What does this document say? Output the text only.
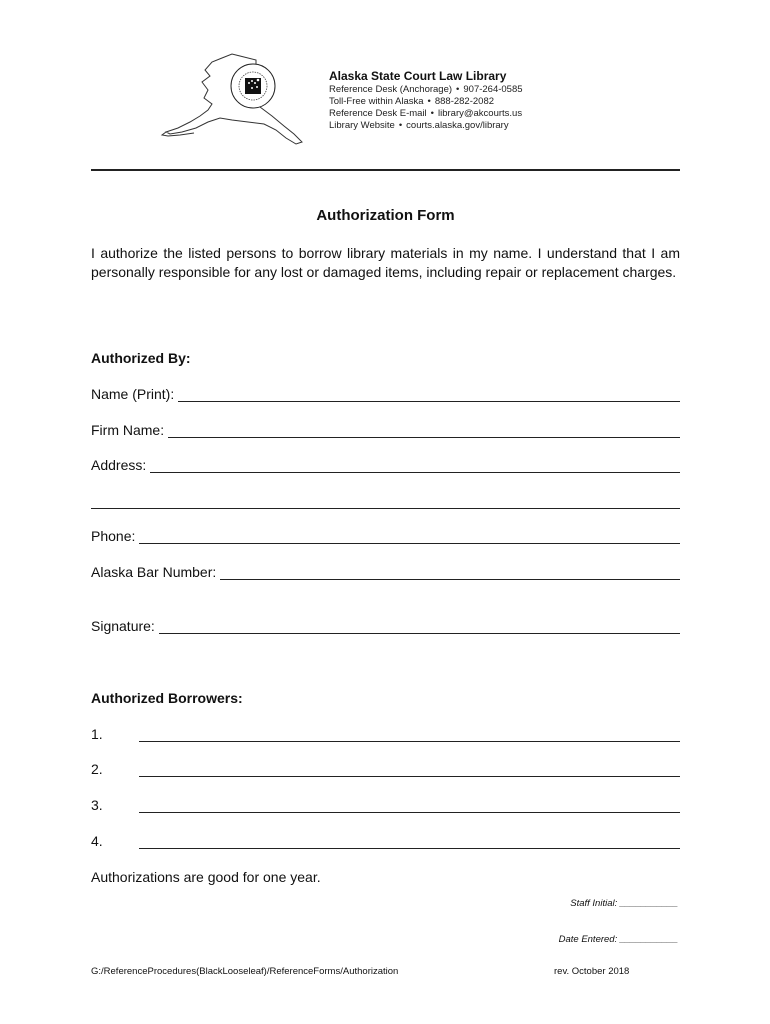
Alaska State Court Law Library
Reference Desk (Anchorage) • 907-264-0585
Toll-Free within Alaska • 888-282-2082
Reference Desk E-mail • library@akcourts.us
Library Website • courts.alaska.gov/library
Authorization Form
I authorize the listed persons to borrow library materials in my name. I understand that I am personally responsible for any lost or damaged items, including repair or replacement charges.
Authorized By:
Name (Print):
Firm Name:
Address:
Phone:
Alaska Bar Number:
Signature:
Authorized Borrowers:
1.
2.
3.
4.
Authorizations are good for one year.
Staff Initial: ___________
Date Entered: ___________
G:/ReferenceProcedures(BlackLooseleaf)/ReferenceForms/Authorization	rev. October 2018
